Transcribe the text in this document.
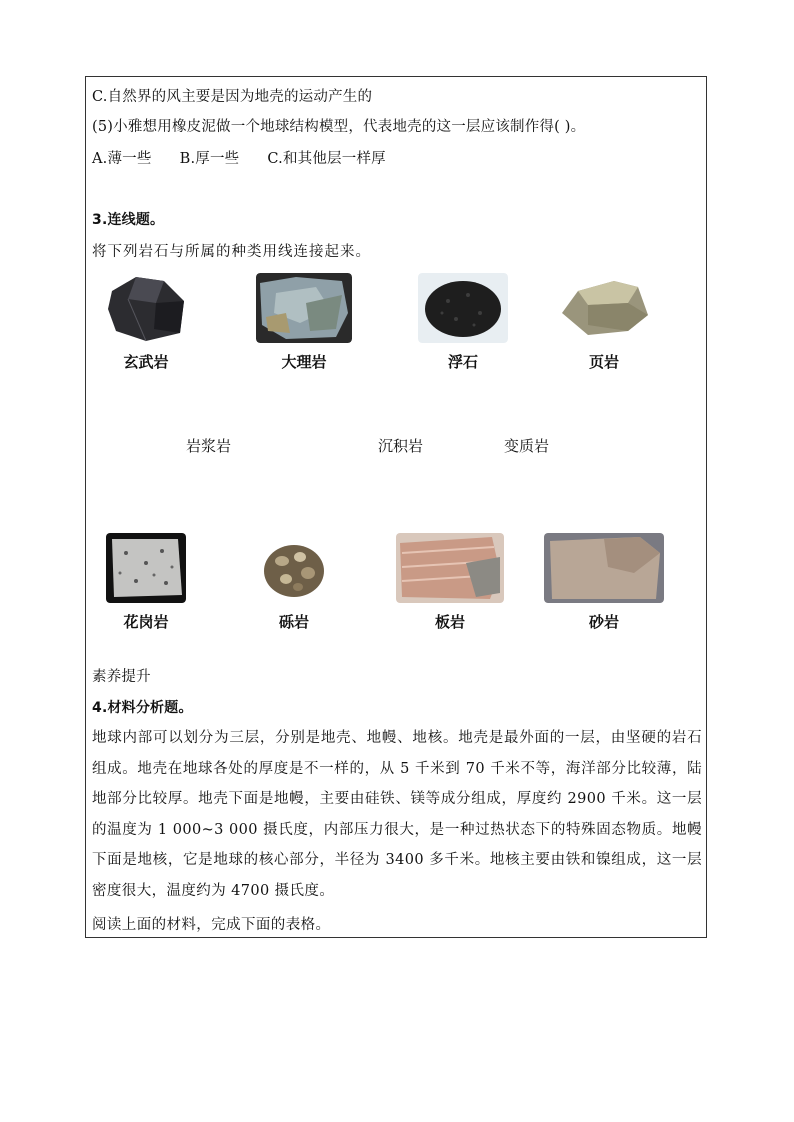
C.自然界的风主要是因为地壳的运动产生的
(5)小雅想用橡皮泥做一个地球结构模型，代表地壳的这一层应该制作得( )。
A.薄一些 B.厚一些 C.和其他层一样厚
3.连线题。
将下列岩石与所属的种类用线连接起来。
玄武岩	大理岩	浮石	页岩
岩浆岩	沉积岩	变质岩
花岗岩	砾岩	板岩	砂岩
素养提升
4.材料分析题。
地球内部可以划分为三层，分别是地壳、地幔、地核。地壳是最外面的一层，由坚硬的岩石组成。地壳在地球各处的厚度是不一样的，从 5 千米到 70 千米不等，海洋部分比较薄，陆地部分比较厚。地壳下面是地幔，主要由硅铁、镁等成分组成，厚度约 2900 千米。这一层的温度为 1 000~3 000 摄氏度，内部压力很大，是一种过热状态下的特殊固态物质。地幔下面是地核，它是地球的核心部分，半径为 3400 多千米。地核主要由铁和镍组成，这一层密度很大，温度约为 4700 摄氏度。
阅读上面的材料，完成下面的表格。
